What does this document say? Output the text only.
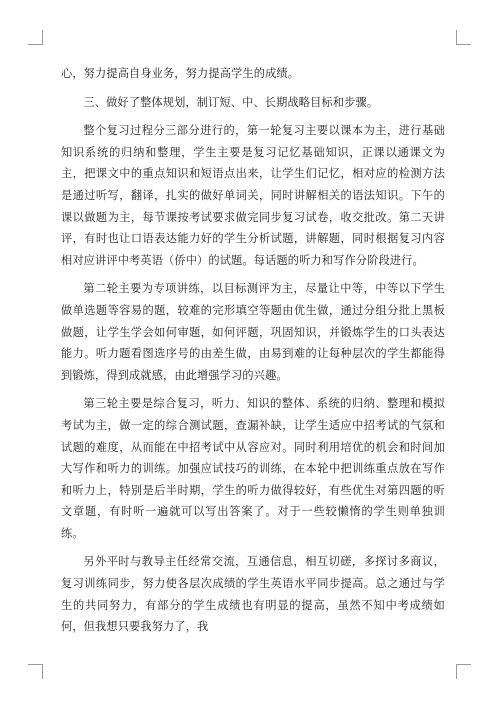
心，努力提高自身业务，努力提高学生的成绩。

三、做好了整体规划，制订短、中、长期战略目标和步骤。

整个复习过程分三部分进行的，第一轮复习主要以课本为主，进行基础知识系统的归纳和整理，学生主要是复习记忆基础知识，正课以通课文为主，把课文中的重点知识和短语点出来，让学生们记忆，相对应的检测方法是通过听写，翻译，扎实的做好单词关，同时讲解相关的语法知识。下午的课以做题为主，每节课按考试要求做完同步复习试卷，收交批改。第二天讲评，有时也让口语表达能力好的学生分析试题，讲解题，同时根据复习内容相对应讲评中考英语（侨中）的试题。每话题的听力和写作分阶段进行。

第二轮主要为专项讲练，以目标测评为主，尽量让中等，中等以下学生做单选题等容易的题，较难的完形填空等题由优生做，通过分组分批上黑板做题，让学生学会如何审题，如何评题，巩固知识，并锻炼学生的口头表达能力。听力题看图选序号的由差生做，由易到难的让每种层次的学生都能得到锻炼，得到成就感，由此增强学习的兴趣。

第三轮主要是综合复习，听力、知识的整体、系统的归纳、整理和模拟考试为主，做一定的综合测试题，查漏补缺，让学生适应中招考试的气氛和试题的难度，从而能在中招考试中从容应对。同时利用培优的机会和时间加大写作和听力的训练。加强应试技巧的训练，在本轮中把训练重点放在写作和听力上，特别是后半时期，学生的听力做得较好，有些优生对第四题的听文章题，有时听一遍就可以写出答案了。对于一些较懒惰的学生则单独训练。

另外平时与教导主任经常交流，互通信息，相互切磋，多探讨多商议，复习训练同步，努力使各层次成绩的学生英语水平同步提高。总之通过与学生的共同努力，有部分的学生成绩也有明显的提高，虽然不知中考成绩如何，但我想只要我努力了，我
